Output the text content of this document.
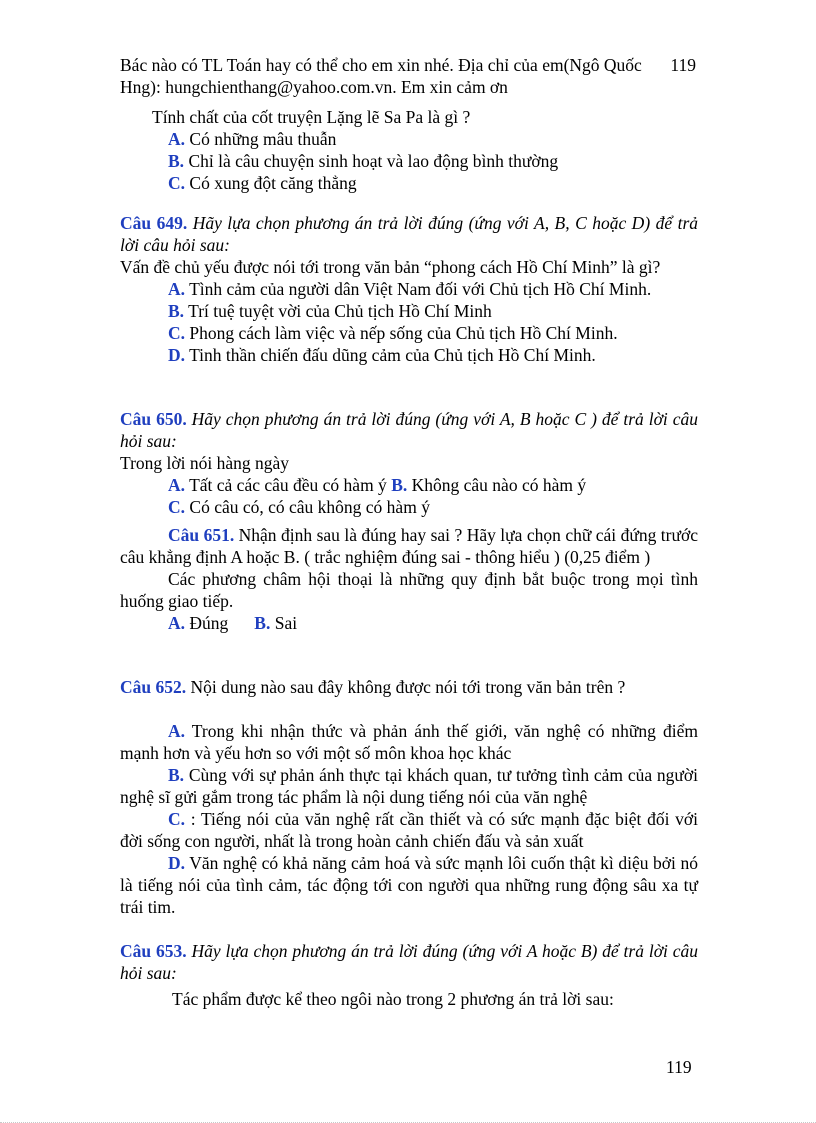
Bác nào có TL Toán hay có thể cho em xin nhé. Địa chỉ của em(Ngô Quốc Hng): hungchienthang@yahoo.com.vn. Em xin cảm ơn
119
Tính chất của cốt truyện Lặng lẽ Sa Pa là gì ?
A. Có những mâu thuẫn
B. Chỉ là câu chuyện sinh hoạt và lao động bình thường
C. Có xung đột căng thẳng
Câu 649. Hãy lựa chọn phương án trả lời đúng (ứng với A, B, C hoặc D) để trả lời câu hỏi sau:
Vấn đề chủ yếu được nói tới trong văn bản “phong cách Hồ Chí Minh” là gì?
A. Tình cảm của người dân Việt Nam đối với Chủ tịch Hồ Chí Minh.
B. Trí tuệ tuyệt vời của Chủ tịch Hồ Chí Minh
C. Phong cách làm việc và nếp sống của Chủ tịch Hồ Chí Minh.
D. Tinh thần chiến đấu dũng cảm của Chủ tịch Hồ Chí Minh.
Câu 650. Hãy chọn phương án trả lời đúng (ứng với A, B hoặc C ) để trả lời câu hỏi sau:
Trong lời nói hàng ngày
A. Tất cả các câu đều có hàm ý B. Không câu nào có hàm ý
C. Có câu có, có câu không có hàm ý
Câu 651. Nhận định sau là đúng hay sai ? Hãy lựa chọn chữ cái đứng trước câu khẳng định A hoặc B. ( trắc nghiệm đúng sai - thông hiểu ) (0,25 điểm )
Các phương châm hội thoại là những quy định bắt buộc trong mọi tình huống giao tiếp.
A. Đúng B. Sai
Câu 652. Nội dung nào sau đây không được nói tới trong văn bản trên ?
A. Trong khi nhận thức và phản ánh thế giới, văn nghệ có những điểm mạnh hơn và yếu hơn so với một số môn khoa học khác
B. Cùng với sự phản ánh thực tại khách quan, tư tưởng tình cảm của người nghệ sĩ gửi gắm trong tác phẩm là nội dung tiếng nói của văn nghệ
C. : Tiếng nói của văn nghệ rất cần thiết và có sức mạnh đặc biệt đối với đời sống con người, nhất là trong hoàn cảnh chiến đấu và sản xuất
D. Văn nghệ có khả năng cảm hoá và sức mạnh lôi cuốn thật kì diệu bởi nó là tiếng nói của tình cảm, tác động tới con người qua những rung động sâu xa tự trái tim.
Câu 653. Hãy lựa chọn phương án trả lời đúng (ứng với A hoặc B) để trả lời câu hỏi sau:
Tác phẩm được kể theo ngôi nào trong 2 phương án trả lời sau:
119
